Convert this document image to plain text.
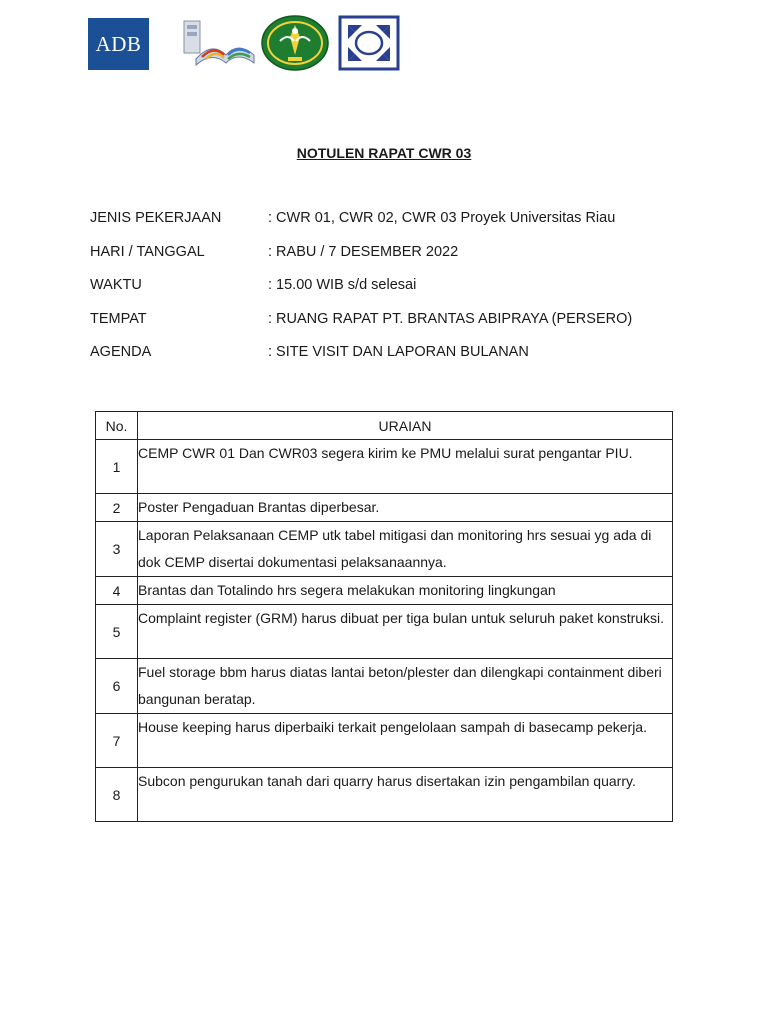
ADB
NOTULEN RAPAT CWR 03
JENIS PEKERJAAN	: CWR 01, CWR 02, CWR 03 Proyek Universitas Riau
HARI / TANGGAL	: RABU / 7 DESEMBER 2022
WAKTU	: 15.00 WIB s/d selesai
TEMPAT	: RUANG RAPAT PT. BRANTAS ABIPRAYA (PERSERO)
AGENDA	: SITE VISIT DAN LAPORAN BULANAN
No.	URAIAN
1	CEMP CWR 01 Dan CWR03 segera kirim ke PMU melalui surat pengantar PIU.
2	Poster Pengaduan Brantas diperbesar.
3	Laporan Pelaksanaan CEMP utk tabel mitigasi dan monitoring hrs sesuai yg ada di dok CEMP disertai dokumentasi pelaksanaannya.
4	Brantas dan Totalindo hrs segera melakukan monitoring lingkungan
5	Complaint register (GRM) harus dibuat per tiga bulan untuk seluruh paket konstruksi.
6	Fuel storage bbm harus diatas lantai beton/plester dan dilengkapi containment diberi bangunan beratap.
7	House keeping harus diperbaiki terkait pengelolaan sampah di basecamp pekerja.
8	Subcon pengurukan tanah dari quarry harus disertakan izin pengambilan quarry.
